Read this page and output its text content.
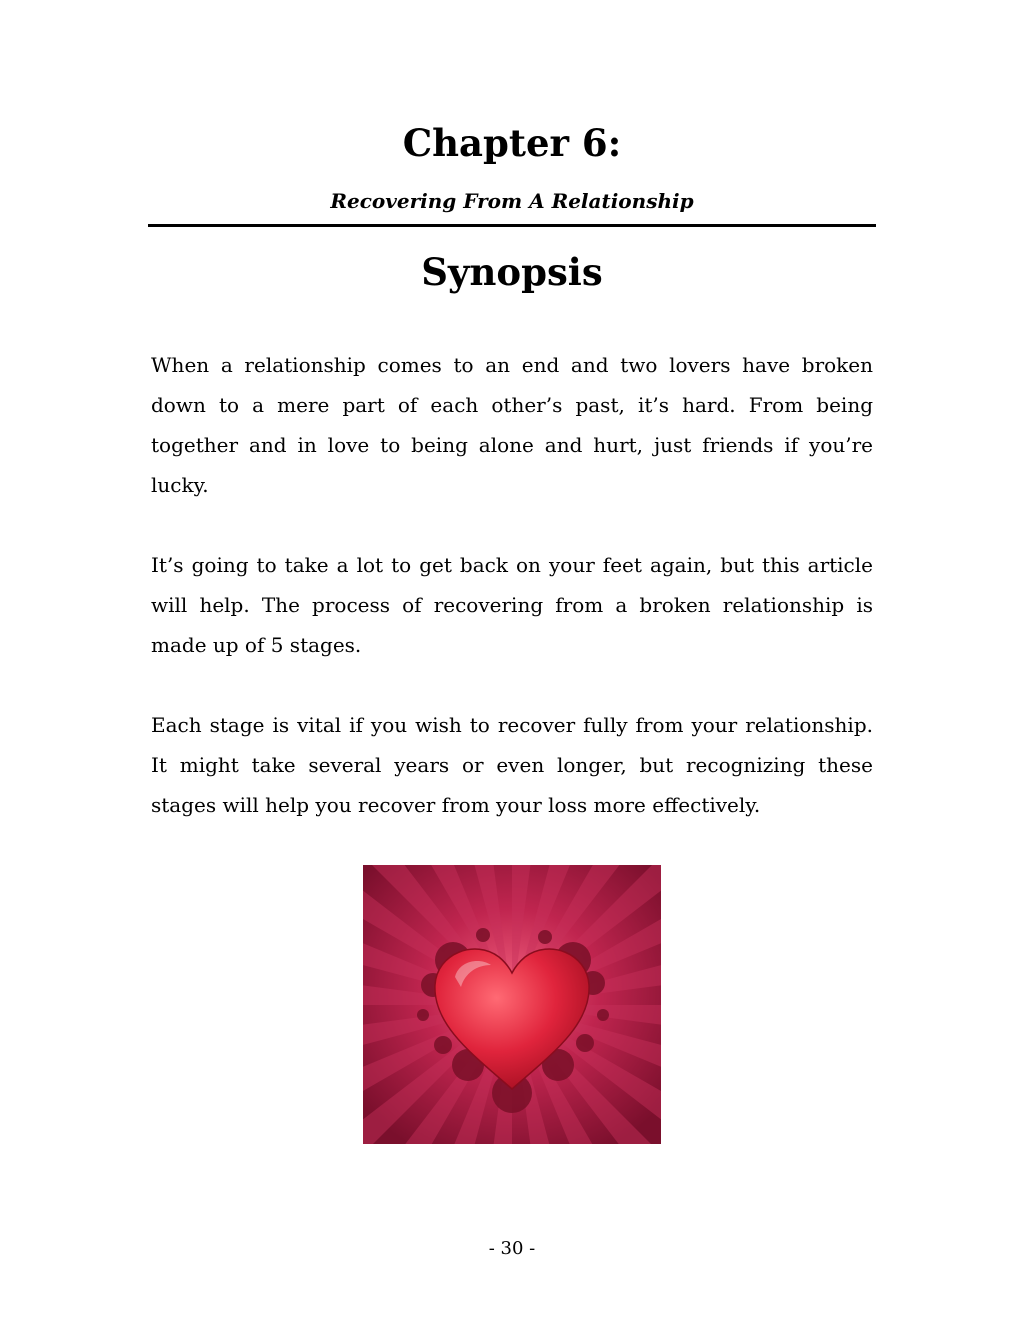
Chapter 6:
Recovering From A Relationship
Synopsis

When a relationship comes to an end and two lovers have broken down to a mere part of each other’s past, it’s hard. From being together and in love to being alone and hurt, just friends if you’re lucky.

It’s going to take a lot to get back on your feet again, but this article will help. The process of recovering from a broken relationship is made up of 5 stages.

Each stage is vital if you wish to recover fully from your relationship. It might take several years or even longer, but recognizing these stages will help you recover from your loss more effectively.

- 30 -
